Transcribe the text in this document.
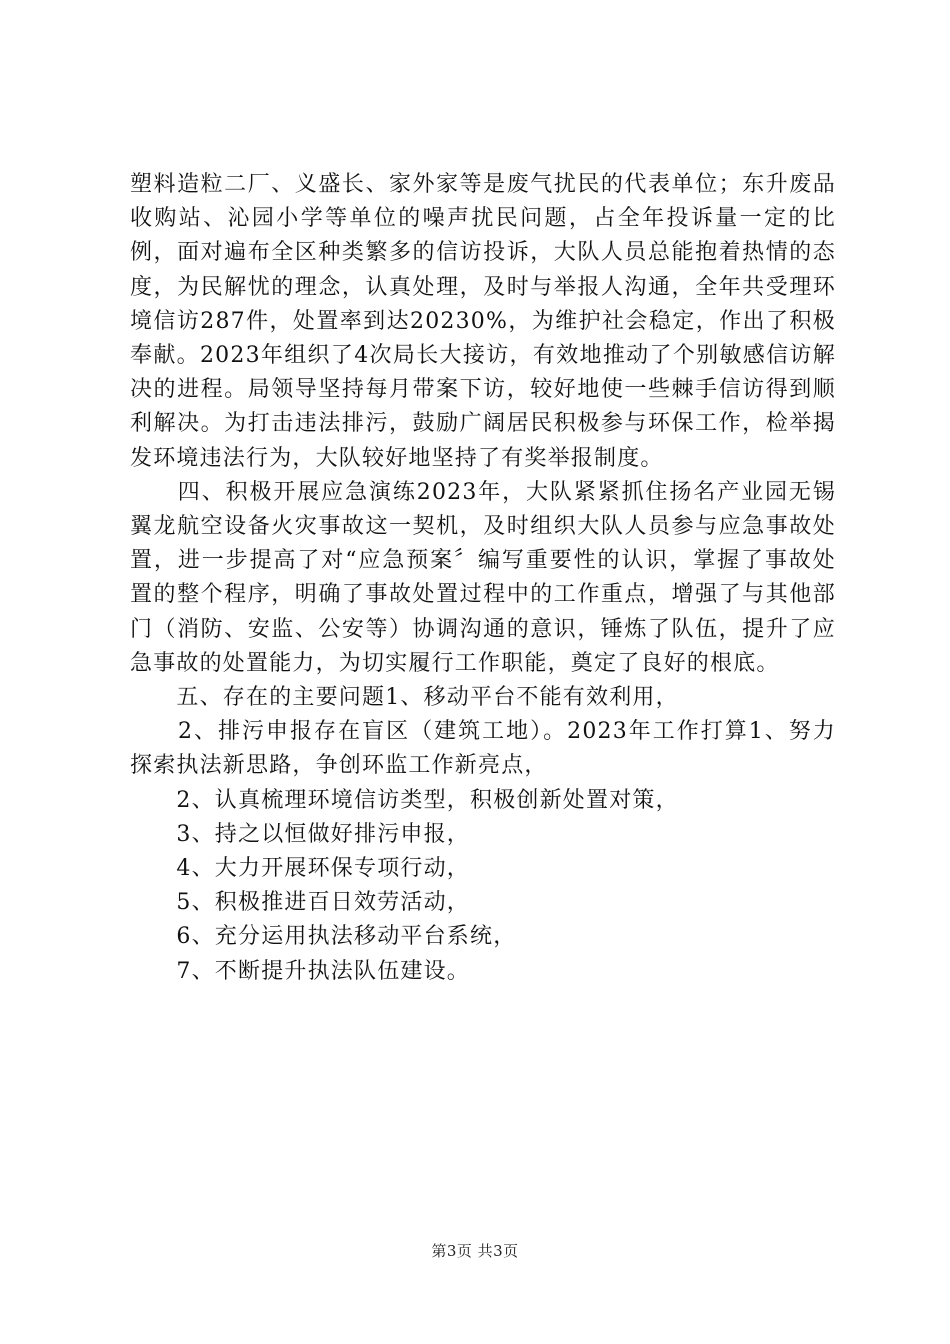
塑料造粒二厂、义盛长、家外家等是废气扰民的代表单位；东升废品收购站、沁园小学等单位的噪声扰民问题，占全年投诉量一定的比例，面对遍布全区种类繁多的信访投诉，大队人员总能抱着热情的态度，为民解忧的理念，认真处理，及时与举报人沟通，全年共受理环境信访287件，处置率到达20230%，为维护社会稳定，作出了积极奉献。2023年组织了4次局长大接访，有效地推动了个别敏感信访解决的进程。局领导坚持每月带案下访，较好地使一些棘手信访得到顺利解决。为打击违法排污，鼓励广阔居民积极参与环保工作，检举揭发环境违法行为，大队较好地坚持了有奖举报制度。

　　四、积极开展应急演练2023年，大队紧紧抓住扬名产业园无锡翼龙航空设备火灾事故这一契机，及时组织大队人员参与应急事故处置，进一步提高了对“应急预案〞编写重要性的认识，掌握了事故处置的整个程序，明确了事故处置过程中的工作重点，增强了与其他部门（消防、安监、公安等）协调沟通的意识，锤炼了队伍，提升了应急事故的处置能力，为切实履行工作职能，奠定了良好的根底。

　　五、存在的主要问题1、移动平台不能有效利用，

　　2、排污申报存在盲区（建筑工地）。2023年工作打算1、努力探索执法新思路，争创环监工作新亮点，

　　2、认真梳理环境信访类型，积极创新处置对策，

　　3、持之以恒做好排污申报，

　　4、大力开展环保专项行动，

　　5、积极推进百日效劳活动，

　　6、充分运用执法移动平台系统，

　　7、不断提升执法队伍建设。

第3页 共3页
